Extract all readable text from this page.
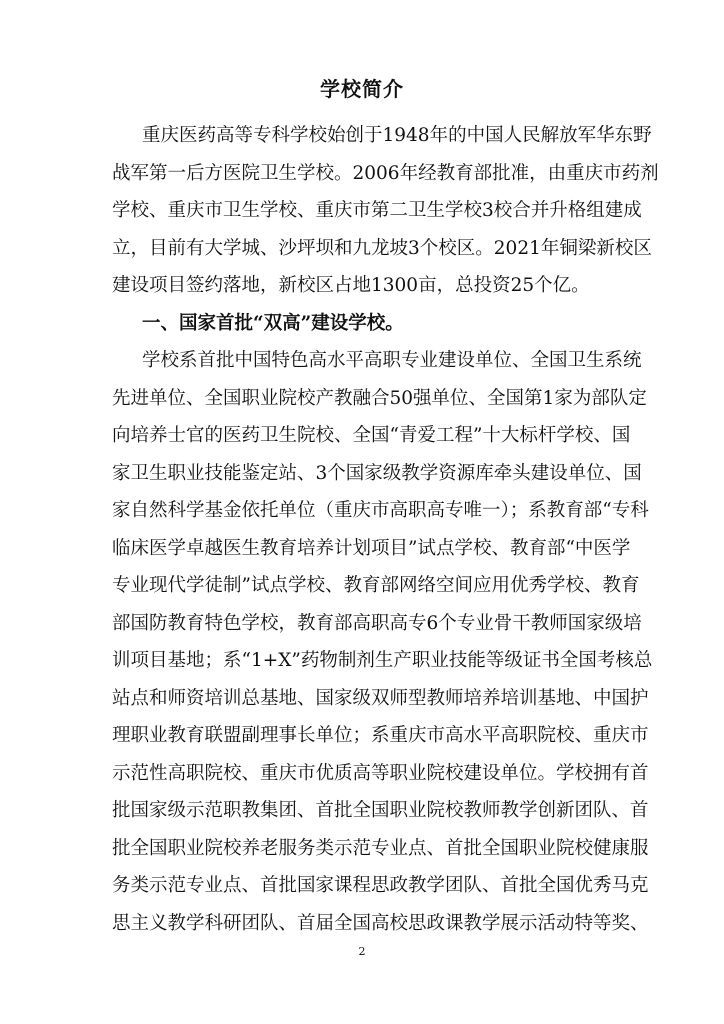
学校简介
重庆医药高等专科学校始创于1948年的中国人民解放军华东野
战军第一后方医院卫生学校。2006年经教育部批准，由重庆市药剂
学校、重庆市卫生学校、重庆市第二卫生学校3校合并升格组建成
立，目前有大学城、沙坪坝和九龙坡3个校区。2021年铜梁新校区
建设项目签约落地，新校区占地1300亩，总投资25个亿。
一、国家首批“双高”建设学校。
学校系首批中国特色高水平高职专业建设单位、全国卫生系统
先进单位、全国职业院校产教融合50强单位、全国第1家为部队定
向培养士官的医药卫生院校、全国“青爱工程”十大标杆学校、国
家卫生职业技能鉴定站、3个国家级教学资源库牵头建设单位、国
家自然科学基金依托单位（重庆市高职高专唯一）；系教育部“专科
临床医学卓越医生教育培养计划项目”试点学校、教育部“中医学
专业现代学徒制”试点学校、教育部网络空间应用优秀学校、教育
部国防教育特色学校，教育部高职高专6个专业骨干教师国家级培
训项目基地；系“1+X”药物制剂生产职业技能等级证书全国考核总
站点和师资培训总基地、国家级双师型教师培养培训基地、中国护
理职业教育联盟副理事长单位；系重庆市高水平高职院校、重庆市
示范性高职院校、重庆市优质高等职业院校建设单位。学校拥有首
批国家级示范职教集团、首批全国职业院校教师教学创新团队、首
批全国职业院校养老服务类示范专业点、首批全国职业院校健康服
务类示范专业点、首批国家课程思政教学团队、首批全国优秀马克
思主义教学科研团队、首届全国高校思政课教学展示活动特等奖、
2
